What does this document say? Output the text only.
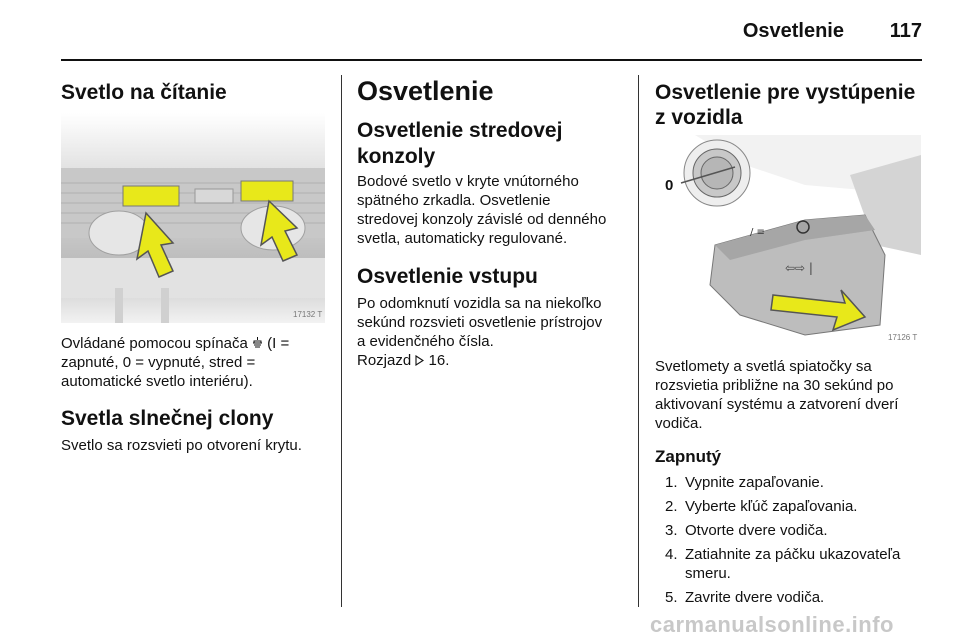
Osvetlenie	117
Svetlo na čítanie
17132 T

Ovládané pomocou spínača  (I =
zapnuté, 0 = vypnuté, stred =
automatické svetlo interiéru).

Svetla slnečnej clony

Svetlo sa rozsvieti po otvorení krytu.

Osvetlenie
Osvetlenie stredovej
konzoly

Bodové svetlo v kryte vnútorného
spätného zrkadla. Osvetlenie
stredovej konzoly závislé od denného
svetla, automaticky regulované.

Osvetlenie vstupu

Po odomknutí vozidla sa na niekoľko
sekúnd rozsvieti osvetlenie prístrojov
a evidenčného čísla.

Rozjazd  16.

Osvetlenie pre vystúpenie
z vozidla
/ ≡
⇦⇨ |
0
17126 T

Svetlomety a svetlá spiatočky sa
rozsvietia približne na 30 sekúnd po
aktivovaní systému a zatvorení dverí
vodiča.

Zapnutý
1. Vypnite zapaľovanie.
2. Vyberte kľúč zapaľovania.
3. Otvorte dvere vodiča.
4. Zatiahnite za páčku ukazovateľa smeru.
5. Zavrite dvere vodiča.
carmanualsonline.info
